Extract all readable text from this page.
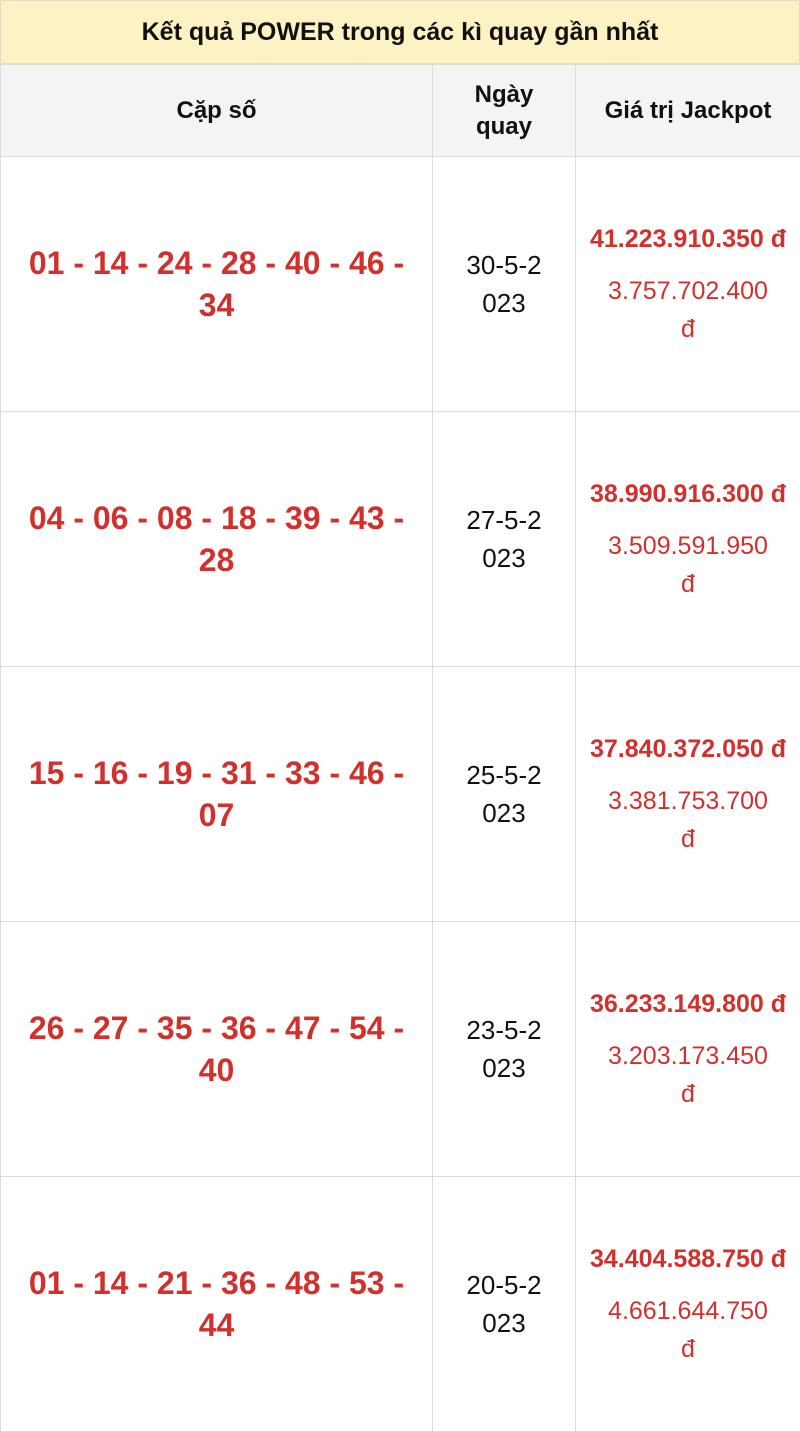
Kết quả POWER trong các kì quay gần nhất
Cặp số	Ngày quay	Giá trị Jackpot
01 - 14 - 24 - 28 - 40 - 46 - 34	30-5-2023	41.223.910.350 đ
3.757.702.400 đ

04 - 06 - 08 - 18 - 39 - 43 - 28	27-5-2023	38.990.916.300 đ
3.509.591.950 đ

15 - 16 - 19 - 31 - 33 - 46 - 07	25-5-2023	37.840.372.050 đ
3.381.753.700 đ

26 - 27 - 35 - 36 - 47 - 54 - 40	23-5-2023	36.233.149.800 đ
3.203.173.450 đ

01 - 14 - 21 - 36 - 48 - 53 - 44	20-5-2023	34.404.588.750 đ
4.661.644.750 đ
